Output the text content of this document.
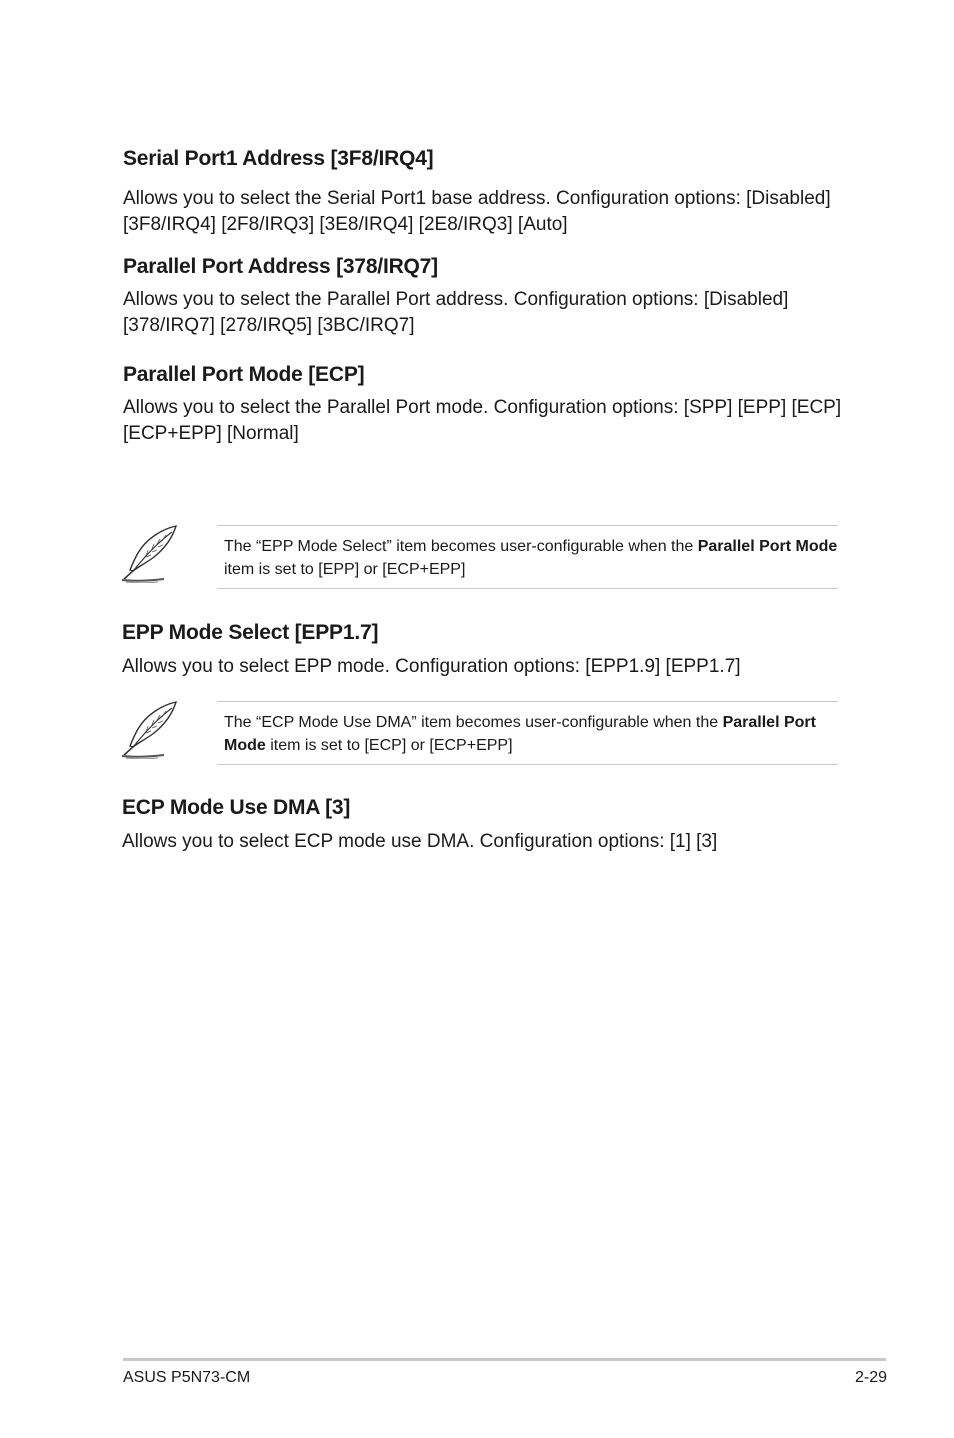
Serial Port1 Address [3F8/IRQ4]

Allows you to select the Serial Port1 base address. Configuration options: [Disabled] [3F8/IRQ4] [2F8/IRQ3] [3E8/IRQ4] [2E8/IRQ3] [Auto]

Parallel Port Address [378/IRQ7]

Allows you to select the Parallel Port address. Configuration options: [Disabled] [378/IRQ7] [278/IRQ5] [3BC/IRQ7]

Parallel Port Mode [ECP]

Allows you to select the Parallel Port mode. Configuration options: [SPP] [EPP] [ECP] [ECP+EPP] [Normal]

The “EPP Mode Select” item becomes user-configurable when the Parallel Port Mode item is set to [EPP] or [ECP+EPP]
EPP Mode Select [EPP1.7]

Allows you to select EPP mode. Configuration options: [EPP1.9] [EPP1.7]

The “ECP Mode Use DMA” item becomes user-configurable when the Parallel Port Mode item is set to [ECP] or [ECP+EPP]
ECP Mode Use DMA [3]

Allows you to select ECP mode use DMA. Configuration options: [1] [3]

ASUS P5N73-CM	2-29
